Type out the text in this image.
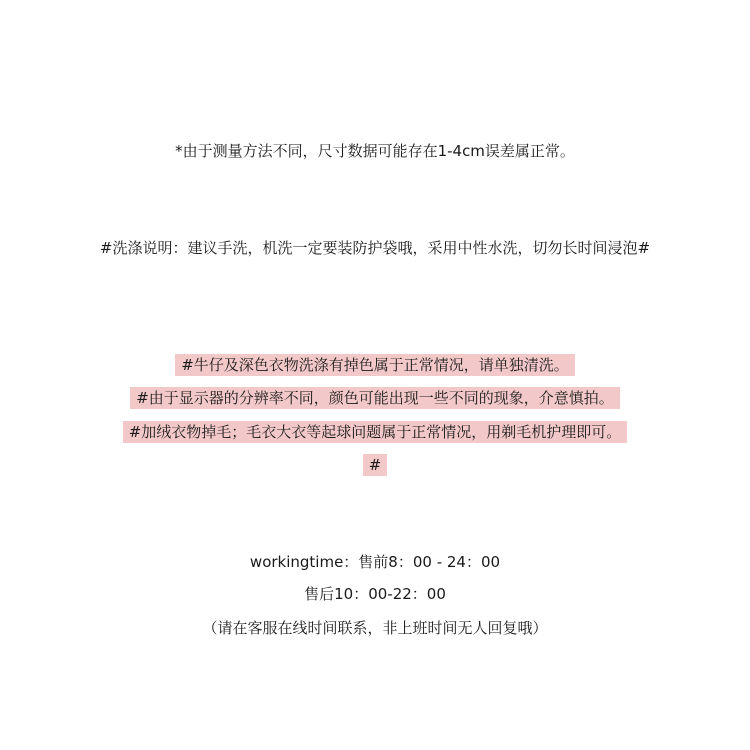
*由于测量方法不同，尺寸数据可能存在1-4cm误差属正常。
#洗涤说明：建议手洗，机洗一定要装防护袋哦，采用中性水洗，切勿长时间浸泡#
#牛仔及深色衣物洗涤有掉色属于正常情况，请单独清洗。
#由于显示器的分辨率不同，颜色可能出现一些不同的现象，介意慎拍。
#加绒衣物掉毛；毛衣大衣等起球问题属于正常情况，用剃毛机护理即可。
#
workingtime：售前8：00 - 24：00
售后10：00-22：00
（请在客服在线时间联系，非上班时间无人回复哦）
